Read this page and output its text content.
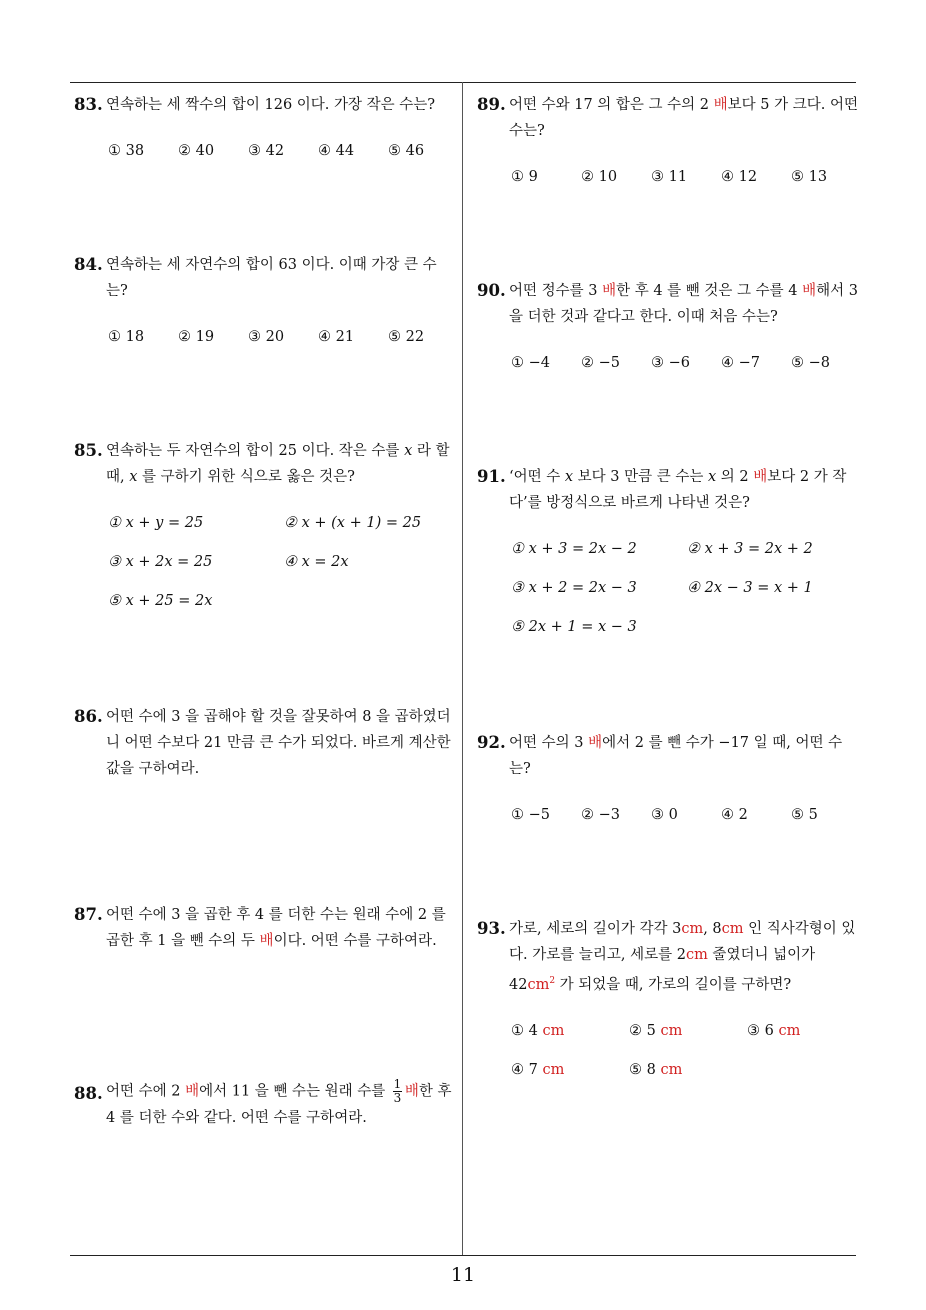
83. 연속하는 세 짝수의 합이 126 이다. 가장 작은 수는?
① 38 ② 40 ③ 42 ④ 44 ⑤ 46
84. 연속하는 세 자연수의 합이 63 이다. 이때 가장 큰 수는?
① 18 ② 19 ③ 20 ④ 21 ⑤ 22
85. 연속하는 두 자연수의 합이 25 이다. 작은 수를 x 라 할 때, x 를 구하기 위한 식으로 옳은 것은?
① x + y = 25	② x + (x + 1) = 25
③ x + 2x = 25	④ x = 2x
⑤ x + 25 = 2x
86. 어떤 수에 3 을 곱해야 할 것을 잘못하여 8 을 곱하였더니 어떤 수보다 21 만큼 큰 수가 되었다. 바르게 계산한 값을 구하여라.
87. 어떤 수에 3 을 곱한 후 4 를 더한 수는 원래 수에 2 를 곱한 후 1 을 뺀 수의 두 배이다. 어떤 수를 구하여라.
88. 어떤 수에 2 배에서 11 을 뺀 수는 원래 수를 $\frac{1}{3}$ 배한 후 4 를 더한 수와 같다. 어떤 수를 구하여라.
89. 어떤 수와 17 의 합은 그 수의 2 배보다 5 가 크다. 어떤 수는?
① 9	② 10 ③ 11 ④ 12 ⑤ 13
90. 어떤 정수를 3 배한 후 4 를 뺀 것은 그 수를 4 배해서 3 을 더한 것과 같다고 한다. 이때 처음 수는?
① −4 ② −5 ③ −6 ④ −7 ⑤ −8
91. ‘어떤 수 x 보다 3 만큼 큰 수는 x 의 2 배보다 2 가 작다’를 방정식으로 바르게 나타낸 것은?
① x + 3 = 2x − 2	② x + 3 = 2x + 2
③ x + 2 = 2x − 3	④ 2x − 3 = x + 1
⑤ 2x + 1 = x − 3
92. 어떤 수의 3 배에서 2 를 뺀 수가 −17 일 때, 어떤 수는?
① −5 ② −3 ③ 0	④ 2	⑤ 5
93. 가로, 세로의 길이가 각각 3cm, 8cm 인 직사각형이 있다. 가로를 늘리고, 세로를 2cm 줄였더니 넓이가 $42cm^2$ 가 되었을 때, 가로의 길이를 구하면?
① 4 cm	② 5 cm	③ 6 cm
④ 7 cm	⑤ 8 cm
11
